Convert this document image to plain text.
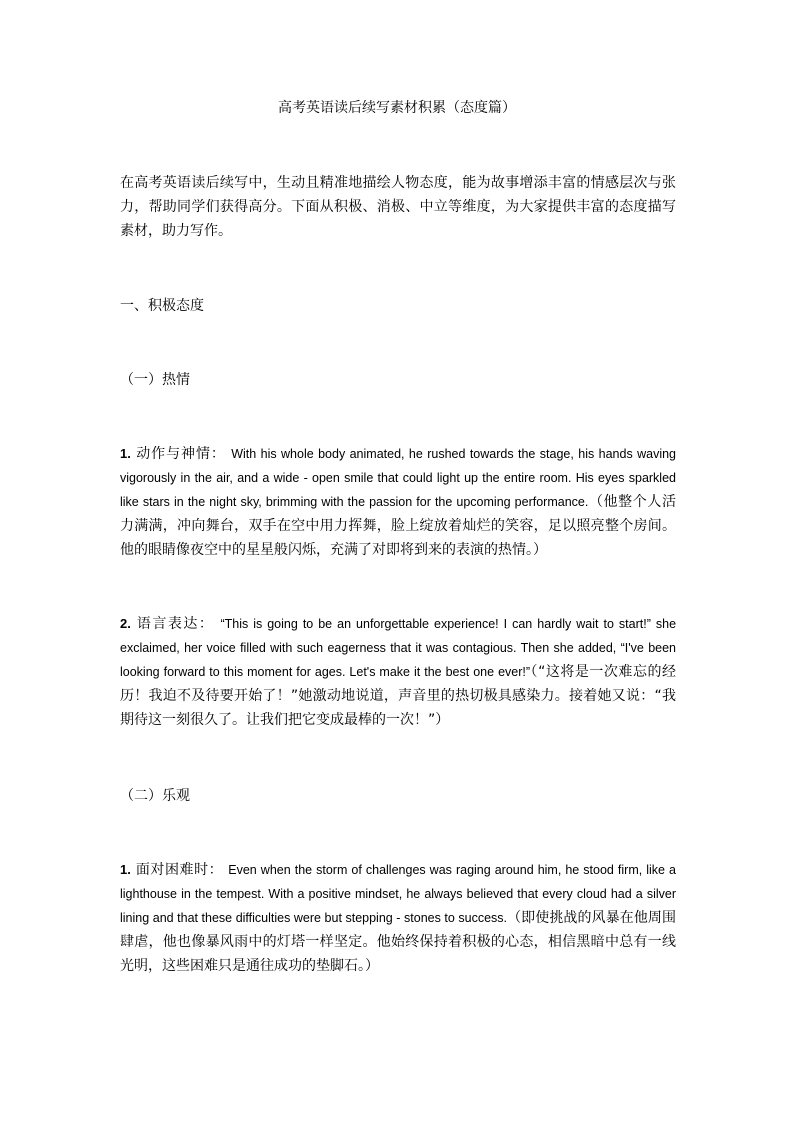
高考英语读后续写素材积累（态度篇）

在高考英语读后续写中，生动且精准地描绘人物态度，能为故事增添丰富的情感层次与张力，帮助同学们获得高分。下面从积极、消极、中立等维度，为大家提供丰富的态度描写素材，助力写作。

一、积极态度

（一）热情

1. 动作与神情： With his whole body animated, he rushed towards the stage, his hands waving vigorously in the air, and a wide - open smile that could light up the entire room. His eyes sparkled like stars in the night sky, brimming with the passion for the upcoming performance.（他整个人活力满满，冲向舞台，双手在空中用力挥舞，脸上绽放着灿烂的笑容，足以照亮整个房间。他的眼睛像夜空中的星星般闪烁，充满了对即将到来的表演的热情。）

2. 语言表达： “This is going to be an unforgettable experience! I can hardly wait to start!” she exclaimed, her voice filled with such eagerness that it was contagious. Then she added, “I've been looking forward to this moment for ages. Let's make it the best one ever!”（“这将是一次难忘的经历！我迫不及待要开始了！”她激动地说道，声音里的热切极具感染力。接着她又说：“我期待这一刻很久了。让我们把它变成最棒的一次！”）

（二）乐观

1. 面对困难时： Even when the storm of challenges was raging around him, he stood firm, like a lighthouse in the tempest. With a positive mindset, he always believed that every cloud had a silver lining and that these difficulties were but stepping - stones to success.（即使挑战的风暴在他周围肆虐，他也像暴风雨中的灯塔一样坚定。他始终保持着积极的心态，相信黑暗中总有一线光明，这些困难只是通往成功的垫脚石。）
